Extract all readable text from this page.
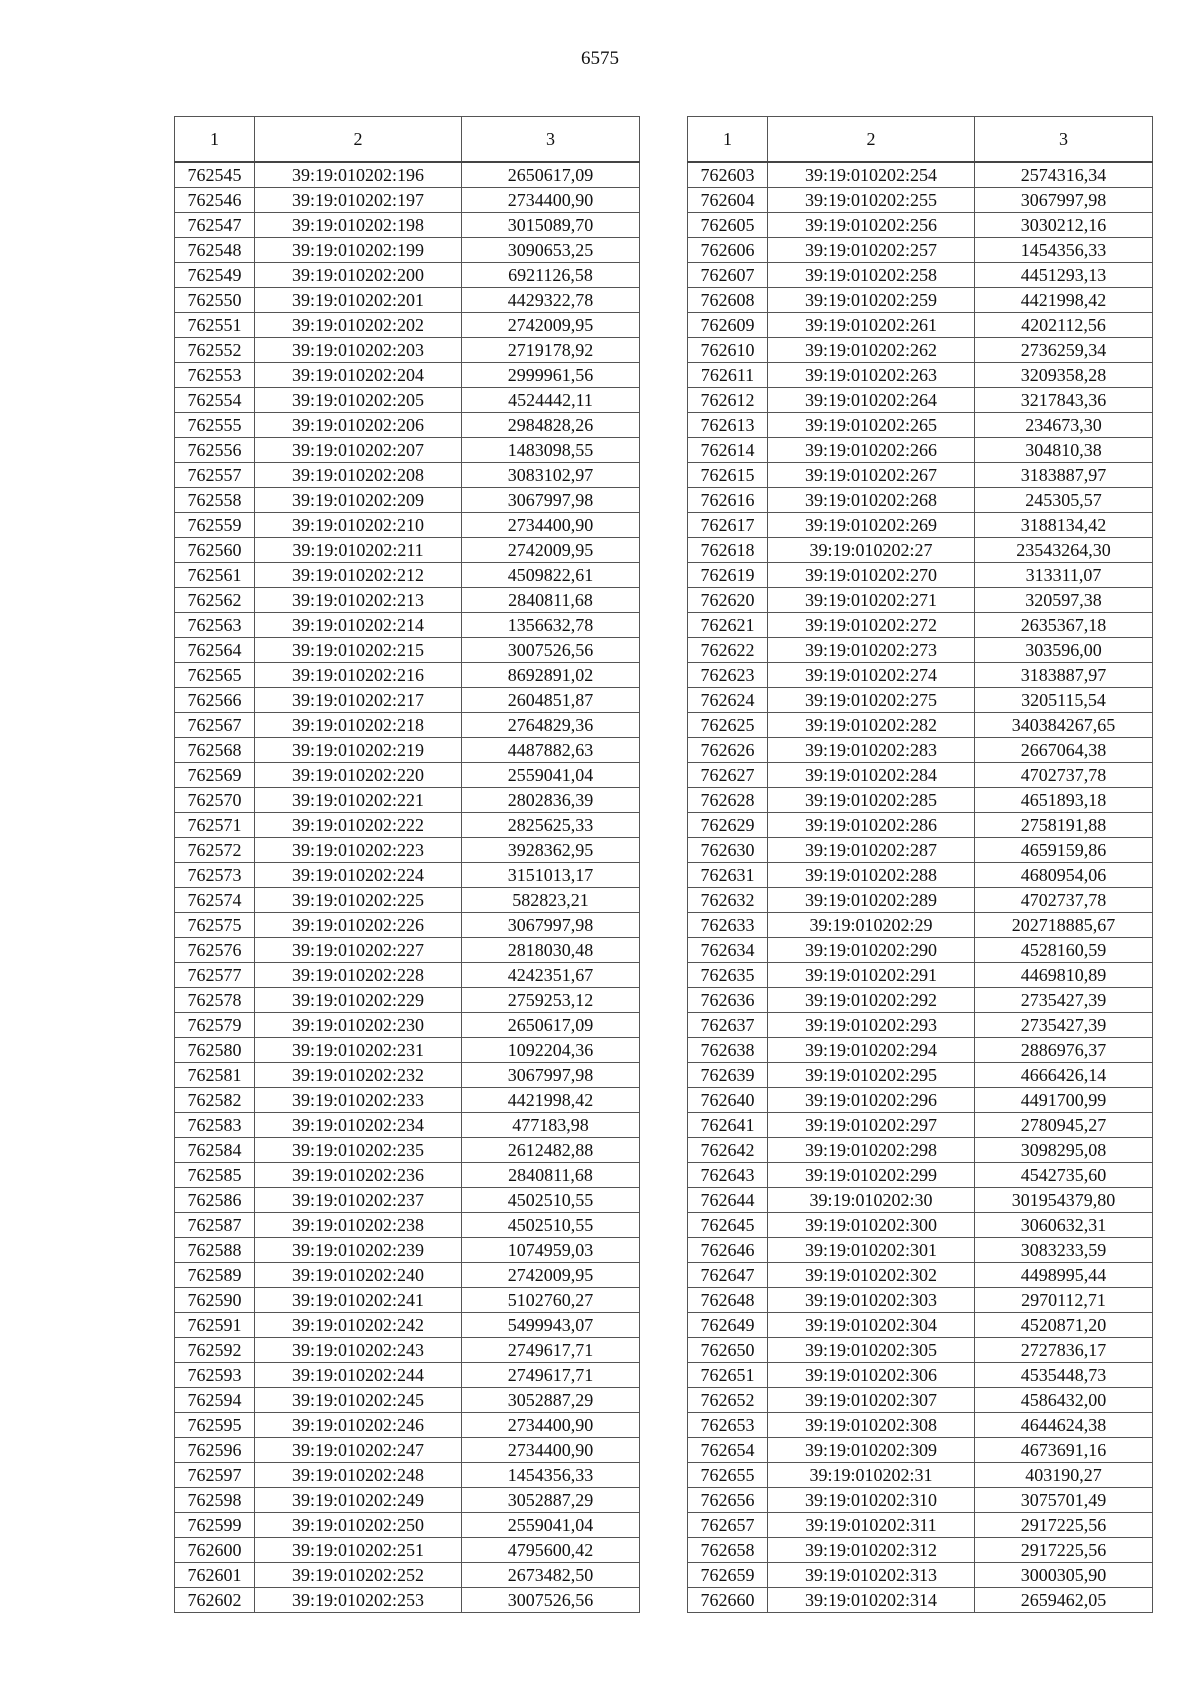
6575
1	2	3
762545	39:19:010202:196	2650617,09
762546	39:19:010202:197	2734400,90
762547	39:19:010202:198	3015089,70
762548	39:19:010202:199	3090653,25
762549	39:19:010202:200	6921126,58
762550	39:19:010202:201	4429322,78
762551	39:19:010202:202	2742009,95
762552	39:19:010202:203	2719178,92
762553	39:19:010202:204	2999961,56
762554	39:19:010202:205	4524442,11
762555	39:19:010202:206	2984828,26
762556	39:19:010202:207	1483098,55
762557	39:19:010202:208	3083102,97
762558	39:19:010202:209	3067997,98
762559	39:19:010202:210	2734400,90
762560	39:19:010202:211	2742009,95
762561	39:19:010202:212	4509822,61
762562	39:19:010202:213	2840811,68
762563	39:19:010202:214	1356632,78
762564	39:19:010202:215	3007526,56
762565	39:19:010202:216	8692891,02
762566	39:19:010202:217	2604851,87
762567	39:19:010202:218	2764829,36
762568	39:19:010202:219	4487882,63
762569	39:19:010202:220	2559041,04
762570	39:19:010202:221	2802836,39
762571	39:19:010202:222	2825625,33
762572	39:19:010202:223	3928362,95
762573	39:19:010202:224	3151013,17
762574	39:19:010202:225	582823,21
762575	39:19:010202:226	3067997,98
762576	39:19:010202:227	2818030,48
762577	39:19:010202:228	4242351,67
762578	39:19:010202:229	2759253,12
762579	39:19:010202:230	2650617,09
762580	39:19:010202:231	1092204,36
762581	39:19:010202:232	3067997,98
762582	39:19:010202:233	4421998,42
762583	39:19:010202:234	477183,98
762584	39:19:010202:235	2612482,88
762585	39:19:010202:236	2840811,68
762586	39:19:010202:237	4502510,55
762587	39:19:010202:238	4502510,55
762588	39:19:010202:239	1074959,03
762589	39:19:010202:240	2742009,95
762590	39:19:010202:241	5102760,27
762591	39:19:010202:242	5499943,07
762592	39:19:010202:243	2749617,71
762593	39:19:010202:244	2749617,71
762594	39:19:010202:245	3052887,29
762595	39:19:010202:246	2734400,90
762596	39:19:010202:247	2734400,90
762597	39:19:010202:248	1454356,33
762598	39:19:010202:249	3052887,29
762599	39:19:010202:250	2559041,04
762600	39:19:010202:251	4795600,42
762601	39:19:010202:252	2673482,50
762602	39:19:010202:253	3007526,56
1	2	3
762603	39:19:010202:254	2574316,34
762604	39:19:010202:255	3067997,98
762605	39:19:010202:256	3030212,16
762606	39:19:010202:257	1454356,33
762607	39:19:010202:258	4451293,13
762608	39:19:010202:259	4421998,42
762609	39:19:010202:261	4202112,56
762610	39:19:010202:262	2736259,34
762611	39:19:010202:263	3209358,28
762612	39:19:010202:264	3217843,36
762613	39:19:010202:265	234673,30
762614	39:19:010202:266	304810,38
762615	39:19:010202:267	3183887,97
762616	39:19:010202:268	245305,57
762617	39:19:010202:269	3188134,42
762618	39:19:010202:27	23543264,30
762619	39:19:010202:270	313311,07
762620	39:19:010202:271	320597,38
762621	39:19:010202:272	2635367,18
762622	39:19:010202:273	303596,00
762623	39:19:010202:274	3183887,97
762624	39:19:010202:275	3205115,54
762625	39:19:010202:282	340384267,65
762626	39:19:010202:283	2667064,38
762627	39:19:010202:284	4702737,78
762628	39:19:010202:285	4651893,18
762629	39:19:010202:286	2758191,88
762630	39:19:010202:287	4659159,86
762631	39:19:010202:288	4680954,06
762632	39:19:010202:289	4702737,78
762633	39:19:010202:29	202718885,67
762634	39:19:010202:290	4528160,59
762635	39:19:010202:291	4469810,89
762636	39:19:010202:292	2735427,39
762637	39:19:010202:293	2735427,39
762638	39:19:010202:294	2886976,37
762639	39:19:010202:295	4666426,14
762640	39:19:010202:296	4491700,99
762641	39:19:010202:297	2780945,27
762642	39:19:010202:298	3098295,08
762643	39:19:010202:299	4542735,60
762644	39:19:010202:30	301954379,80
762645	39:19:010202:300	3060632,31
762646	39:19:010202:301	3083233,59
762647	39:19:010202:302	4498995,44
762648	39:19:010202:303	2970112,71
762649	39:19:010202:304	4520871,20
762650	39:19:010202:305	2727836,17
762651	39:19:010202:306	4535448,73
762652	39:19:010202:307	4586432,00
762653	39:19:010202:308	4644624,38
762654	39:19:010202:309	4673691,16
762655	39:19:010202:31	403190,27
762656	39:19:010202:310	3075701,49
762657	39:19:010202:311	2917225,56
762658	39:19:010202:312	2917225,56
762659	39:19:010202:313	3000305,90
762660	39:19:010202:314	2659462,05
